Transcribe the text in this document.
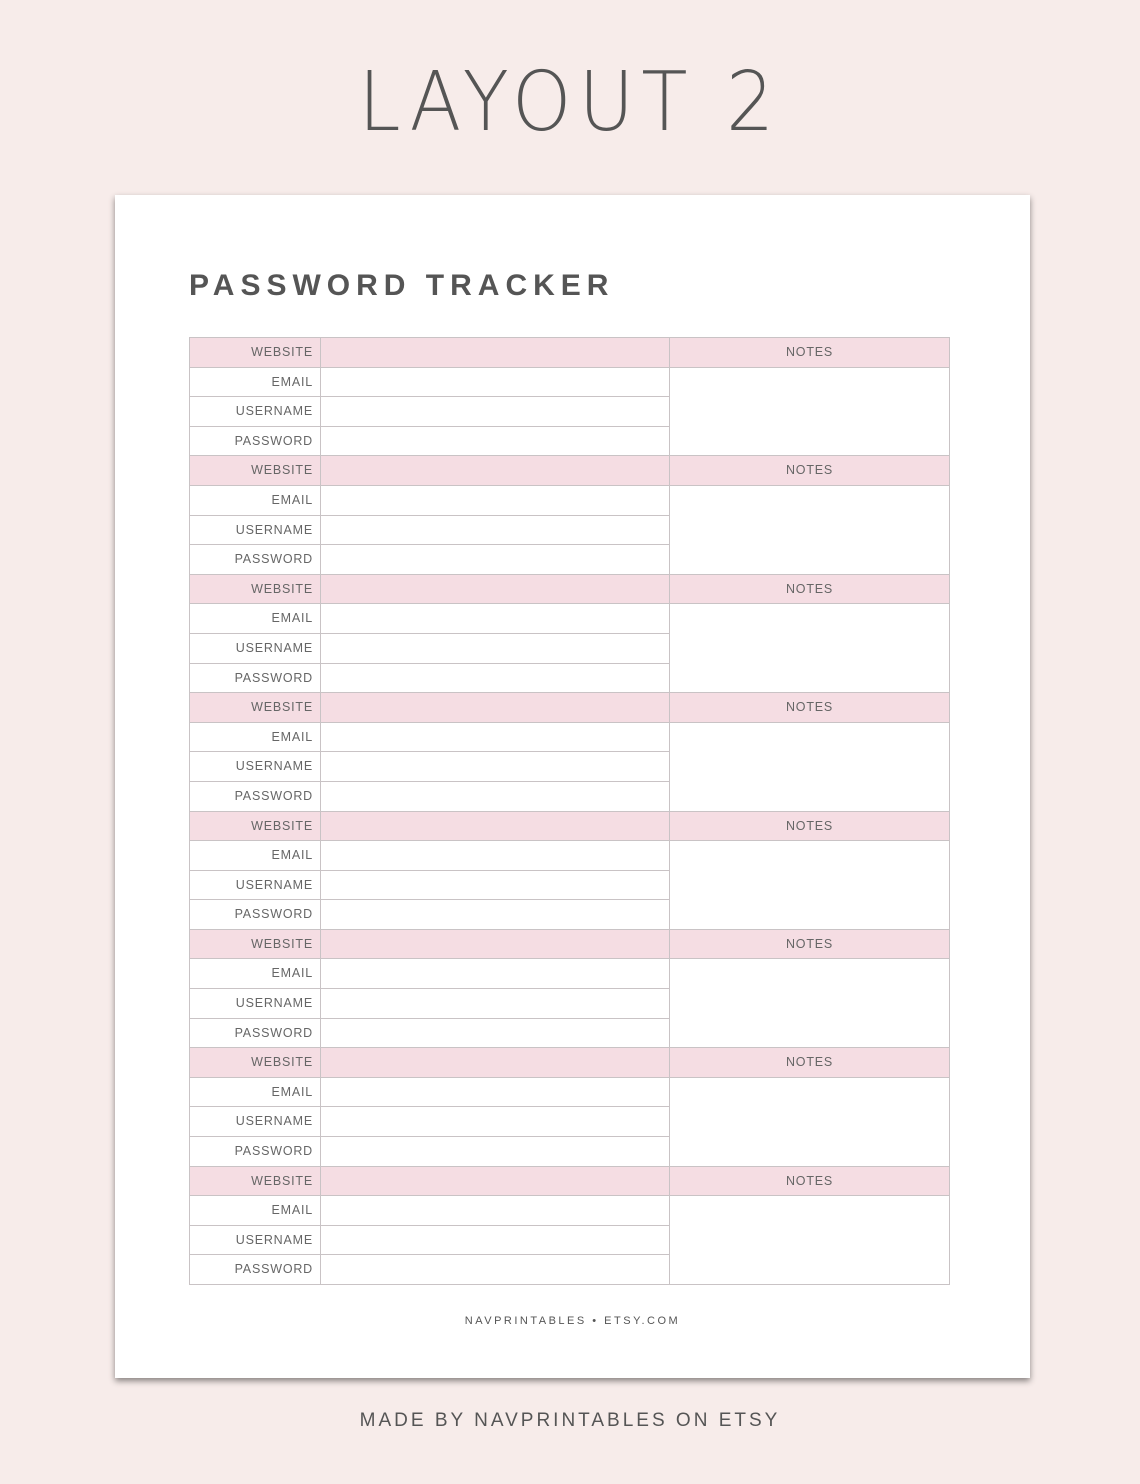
LAYOUT 2
PASSWORD TRACKER
WEBSITE
EMAIL
USERNAME
PASSWORD
NOTES
WEBSITE
EMAIL
USERNAME
PASSWORD
NOTES
WEBSITE
EMAIL
USERNAME
PASSWORD
NOTES
WEBSITE
EMAIL
USERNAME
PASSWORD
NOTES
WEBSITE
EMAIL
USERNAME
PASSWORD
NOTES
WEBSITE
EMAIL
USERNAME
PASSWORD
NOTES
WEBSITE
EMAIL
USERNAME
PASSWORD
NOTES
WEBSITE
EMAIL
USERNAME
PASSWORD
NOTES
NAVPRINTABLES • ETSY.COM
MADE BY NAVPRINTABLES ON ETSY
